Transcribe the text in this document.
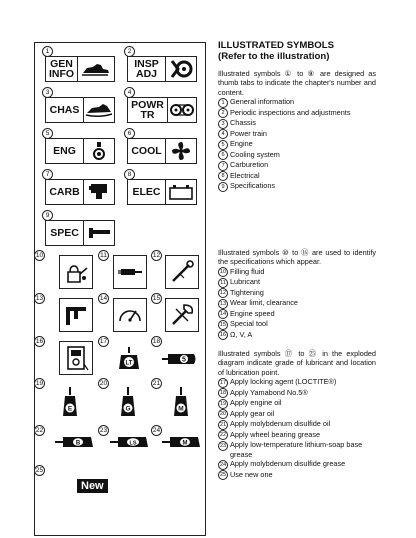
1
GEN
INFO
2
INSP
ADJ
3
CHAS
4
POWR
TR
5
ENG
6
COOL
7
CARB
8
ELEC
9
SPEC
10	11	12
13	14	15
16	17
LT
18
5
19
E
20
G
21
M
22
B
23
LS
24
M
25
New
ILLUSTRATED SYMBOLS
(Refer to the illustration)

Illustrated symbols ① to ⑨ are designed as thumb tabs to indicate the chapter's number and content.

1 General information
2 Periodic inspections and adjustments
3 Chassis
4 Power train
5 Engine
6 Cooling system
7 Carburetion
8 Electrical
9 Specifications

Illustrated symbols ⑩ to ⑯ are used to identify the specifications which appear.

10 Filling fluid
11 Lubricant
12 Tightening
13 Wear limit, clearance
14 Engine speed
15 Special tool
16 Ω, V, A

Illustrated symbols ⑰ to ㉕ in the exploded diagram indicate grade of lubricant and location of lubrication point.

17 Apply locking agent (LOCTITE®)
18 Apply Yamabond No.5®
19 Apply engine oil
20 Apply gear oil
21 Apply molybdenum disulfide oil
22 Apply wheel bearing grease
23 Apply low-temperature lithium-soap base grease
24 Apply molybdenum disulfide grease
25 Use new one
